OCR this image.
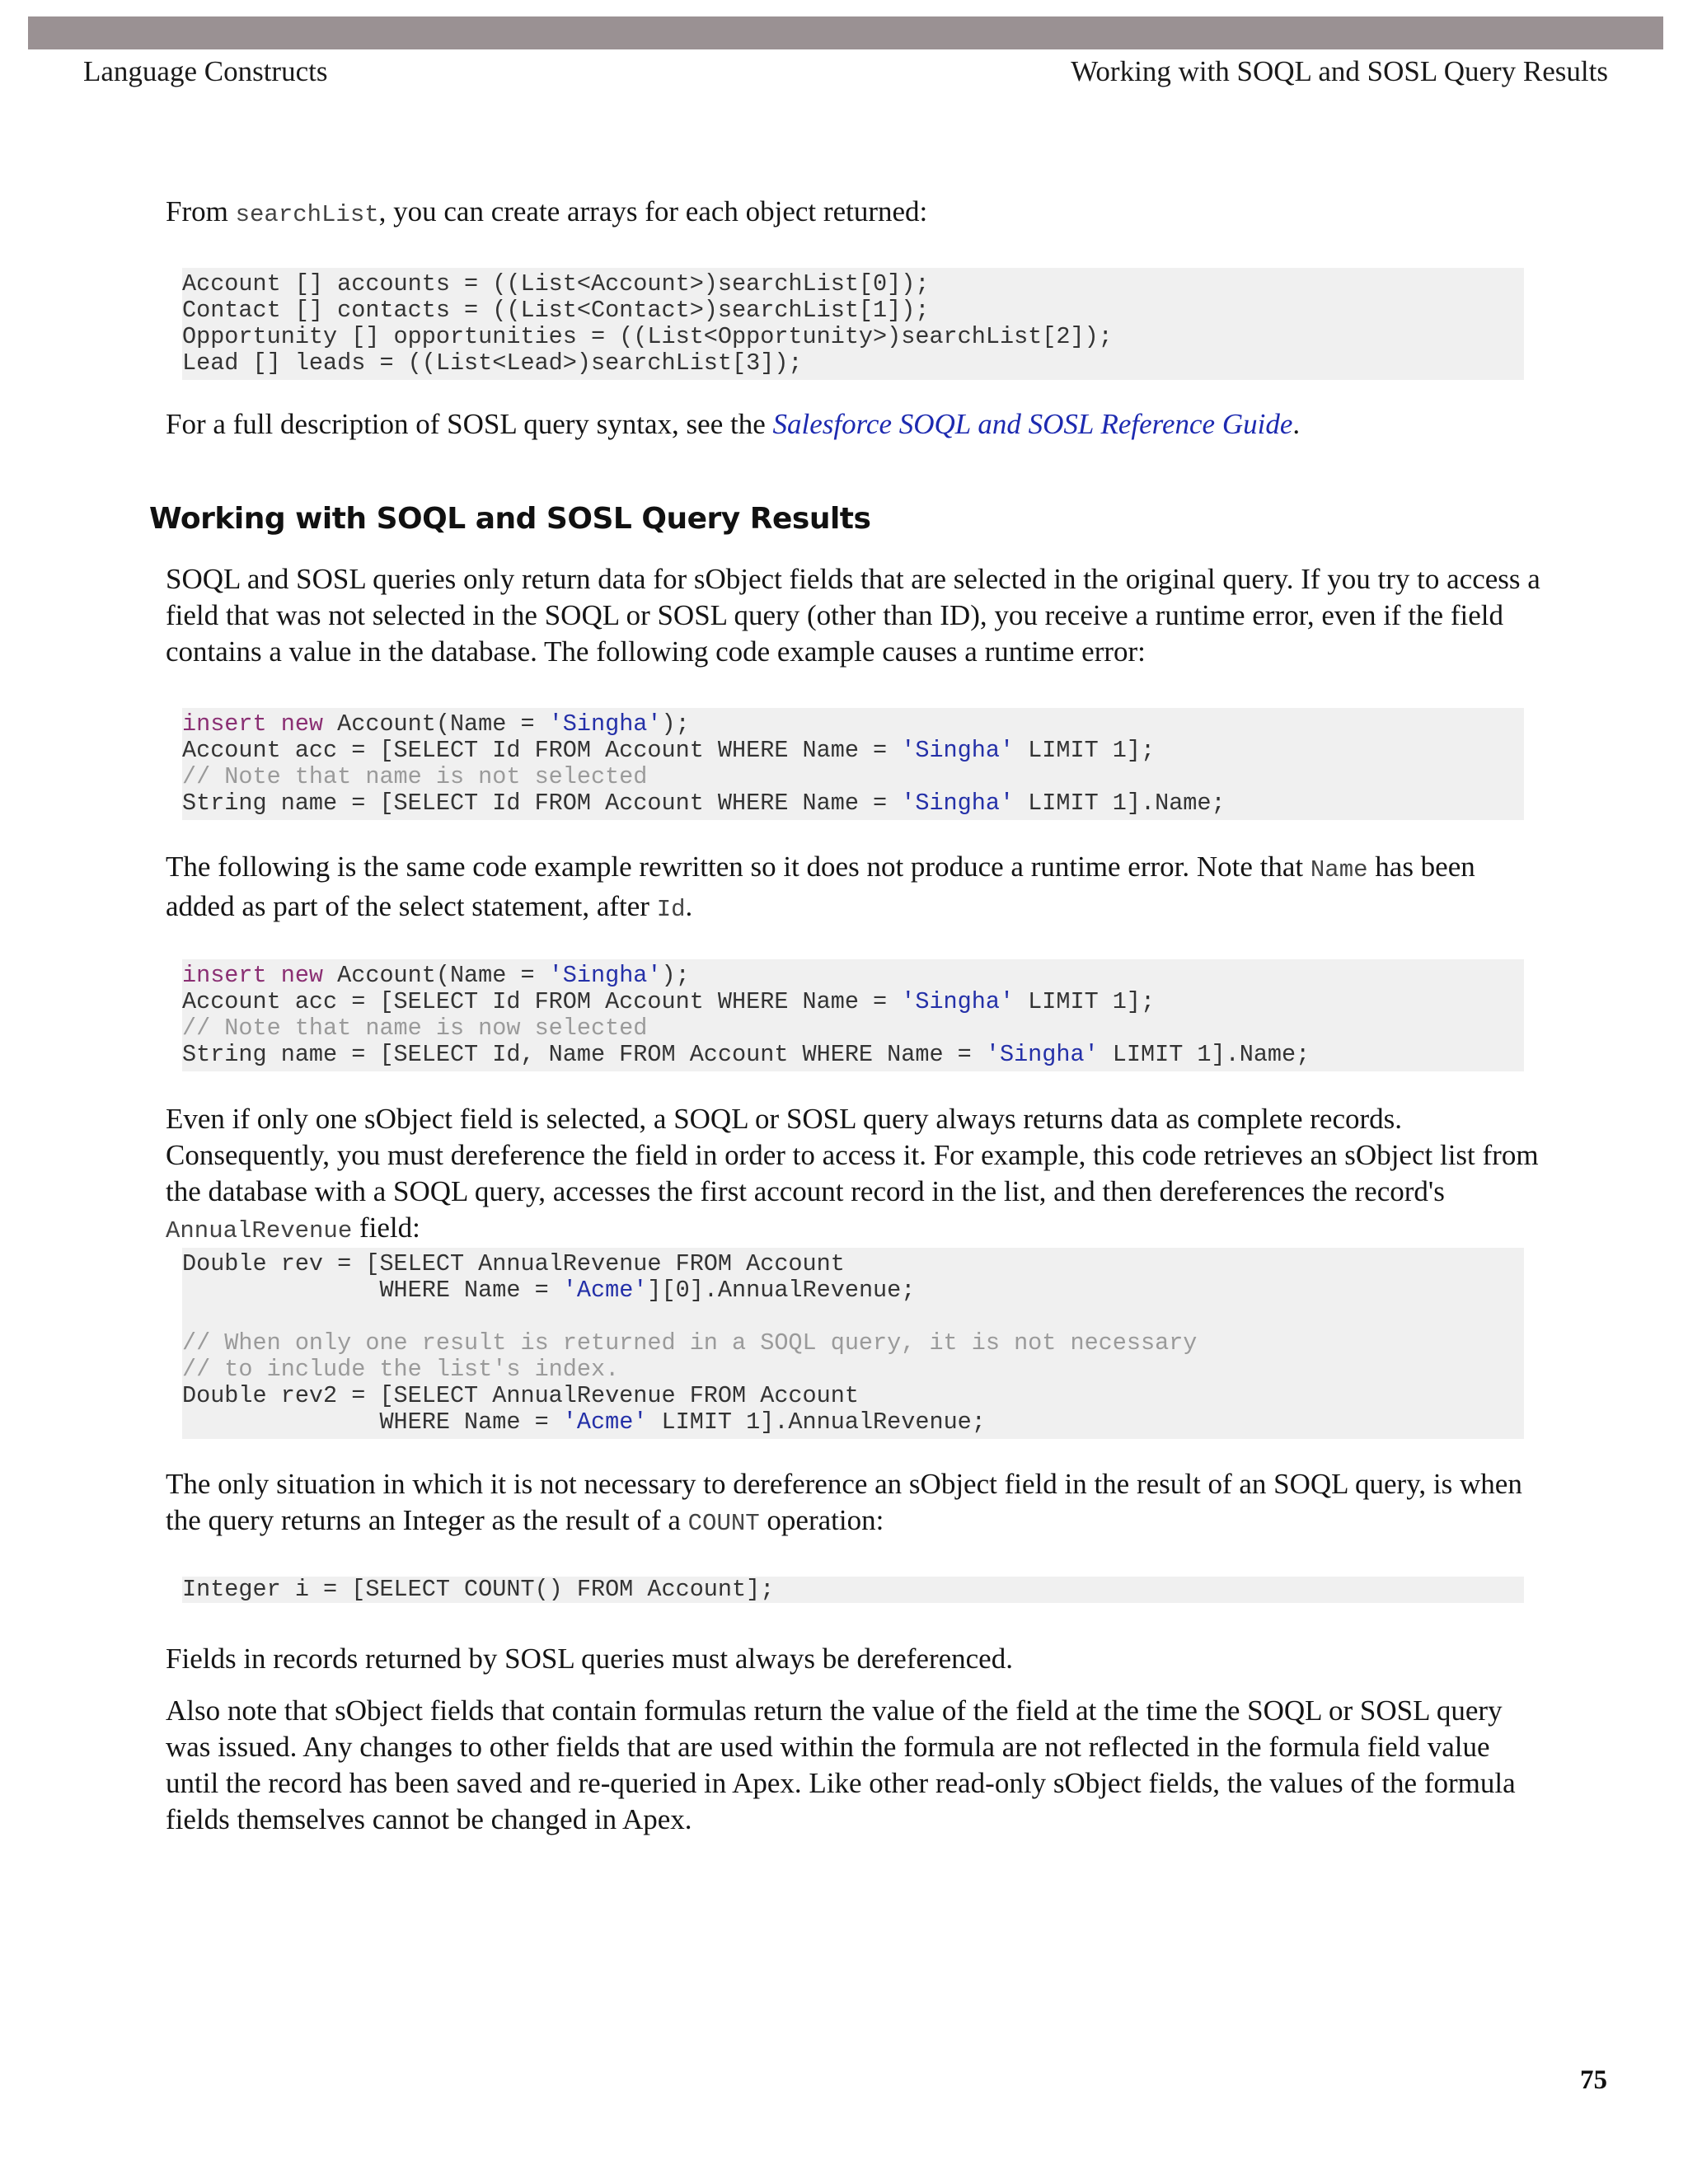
Language Constructs	Working with SOQL and SOSL Query Results

From searchList, you can create arrays for each object returned:

Account [] accounts = ((List<Account>)searchList[0]);
Contact [] contacts = ((List<Contact>)searchList[1]);
Opportunity [] opportunities = ((List<Opportunity>)searchList[2]);
Lead [] leads = ((List<Lead>)searchList[3]);

For a full description of SOSL query syntax, see the Salesforce SOQL and SOSL Reference Guide.

Working with SOQL and SOSL Query Results

SOQL and SOSL queries only return data for sObject fields that are selected in the original query. If you try to access a field that was not selected in the SOQL or SOSL query (other than ID), you receive a runtime error, even if the field contains a value in the database. The following code example causes a runtime error:

insert new Account(Name = 'Singha');
Account acc = [SELECT Id FROM Account WHERE Name = 'Singha' LIMIT 1];
// Note that name is not selected
String name = [SELECT Id FROM Account WHERE Name = 'Singha' LIMIT 1].Name;

The following is the same code example rewritten so it does not produce a runtime error. Note that Name has been added as part of the select statement, after Id.

insert new Account(Name = 'Singha');
Account acc = [SELECT Id FROM Account WHERE Name = 'Singha' LIMIT 1];
// Note that name is now selected
String name = [SELECT Id, Name FROM Account WHERE Name = 'Singha' LIMIT 1].Name;

Even if only one sObject field is selected, a SOQL or SOSL query always returns data as complete records. Consequently, you must dereference the field in order to access it. For example, this code retrieves an sObject list from the database with a SOQL query, accesses the first account record in the list, and then dereferences the record's AnnualRevenue field:

Double rev = [SELECT AnnualRevenue FROM Account
WHERE Name = 'Acme'][0].AnnualRevenue;
// When only one result is returned in a SOQL query, it is not necessary
// to include the list's index.
Double rev2 = [SELECT AnnualRevenue FROM Account
WHERE Name = 'Acme' LIMIT 1].AnnualRevenue;

The only situation in which it is not necessary to dereference an sObject field in the result of an SOQL query, is when the query returns an Integer as the result of a COUNT operation:

Integer i = [SELECT COUNT() FROM Account];

Fields in records returned by SOSL queries must always be dereferenced.

Also note that sObject fields that contain formulas return the value of the field at the time the SOQL or SOSL query was issued. Any changes to other fields that are used within the formula are not reflected in the formula field value until the record has been saved and re-queried in Apex. Like other read-only sObject fields, the values of the formula fields themselves cannot be changed in Apex.

75
